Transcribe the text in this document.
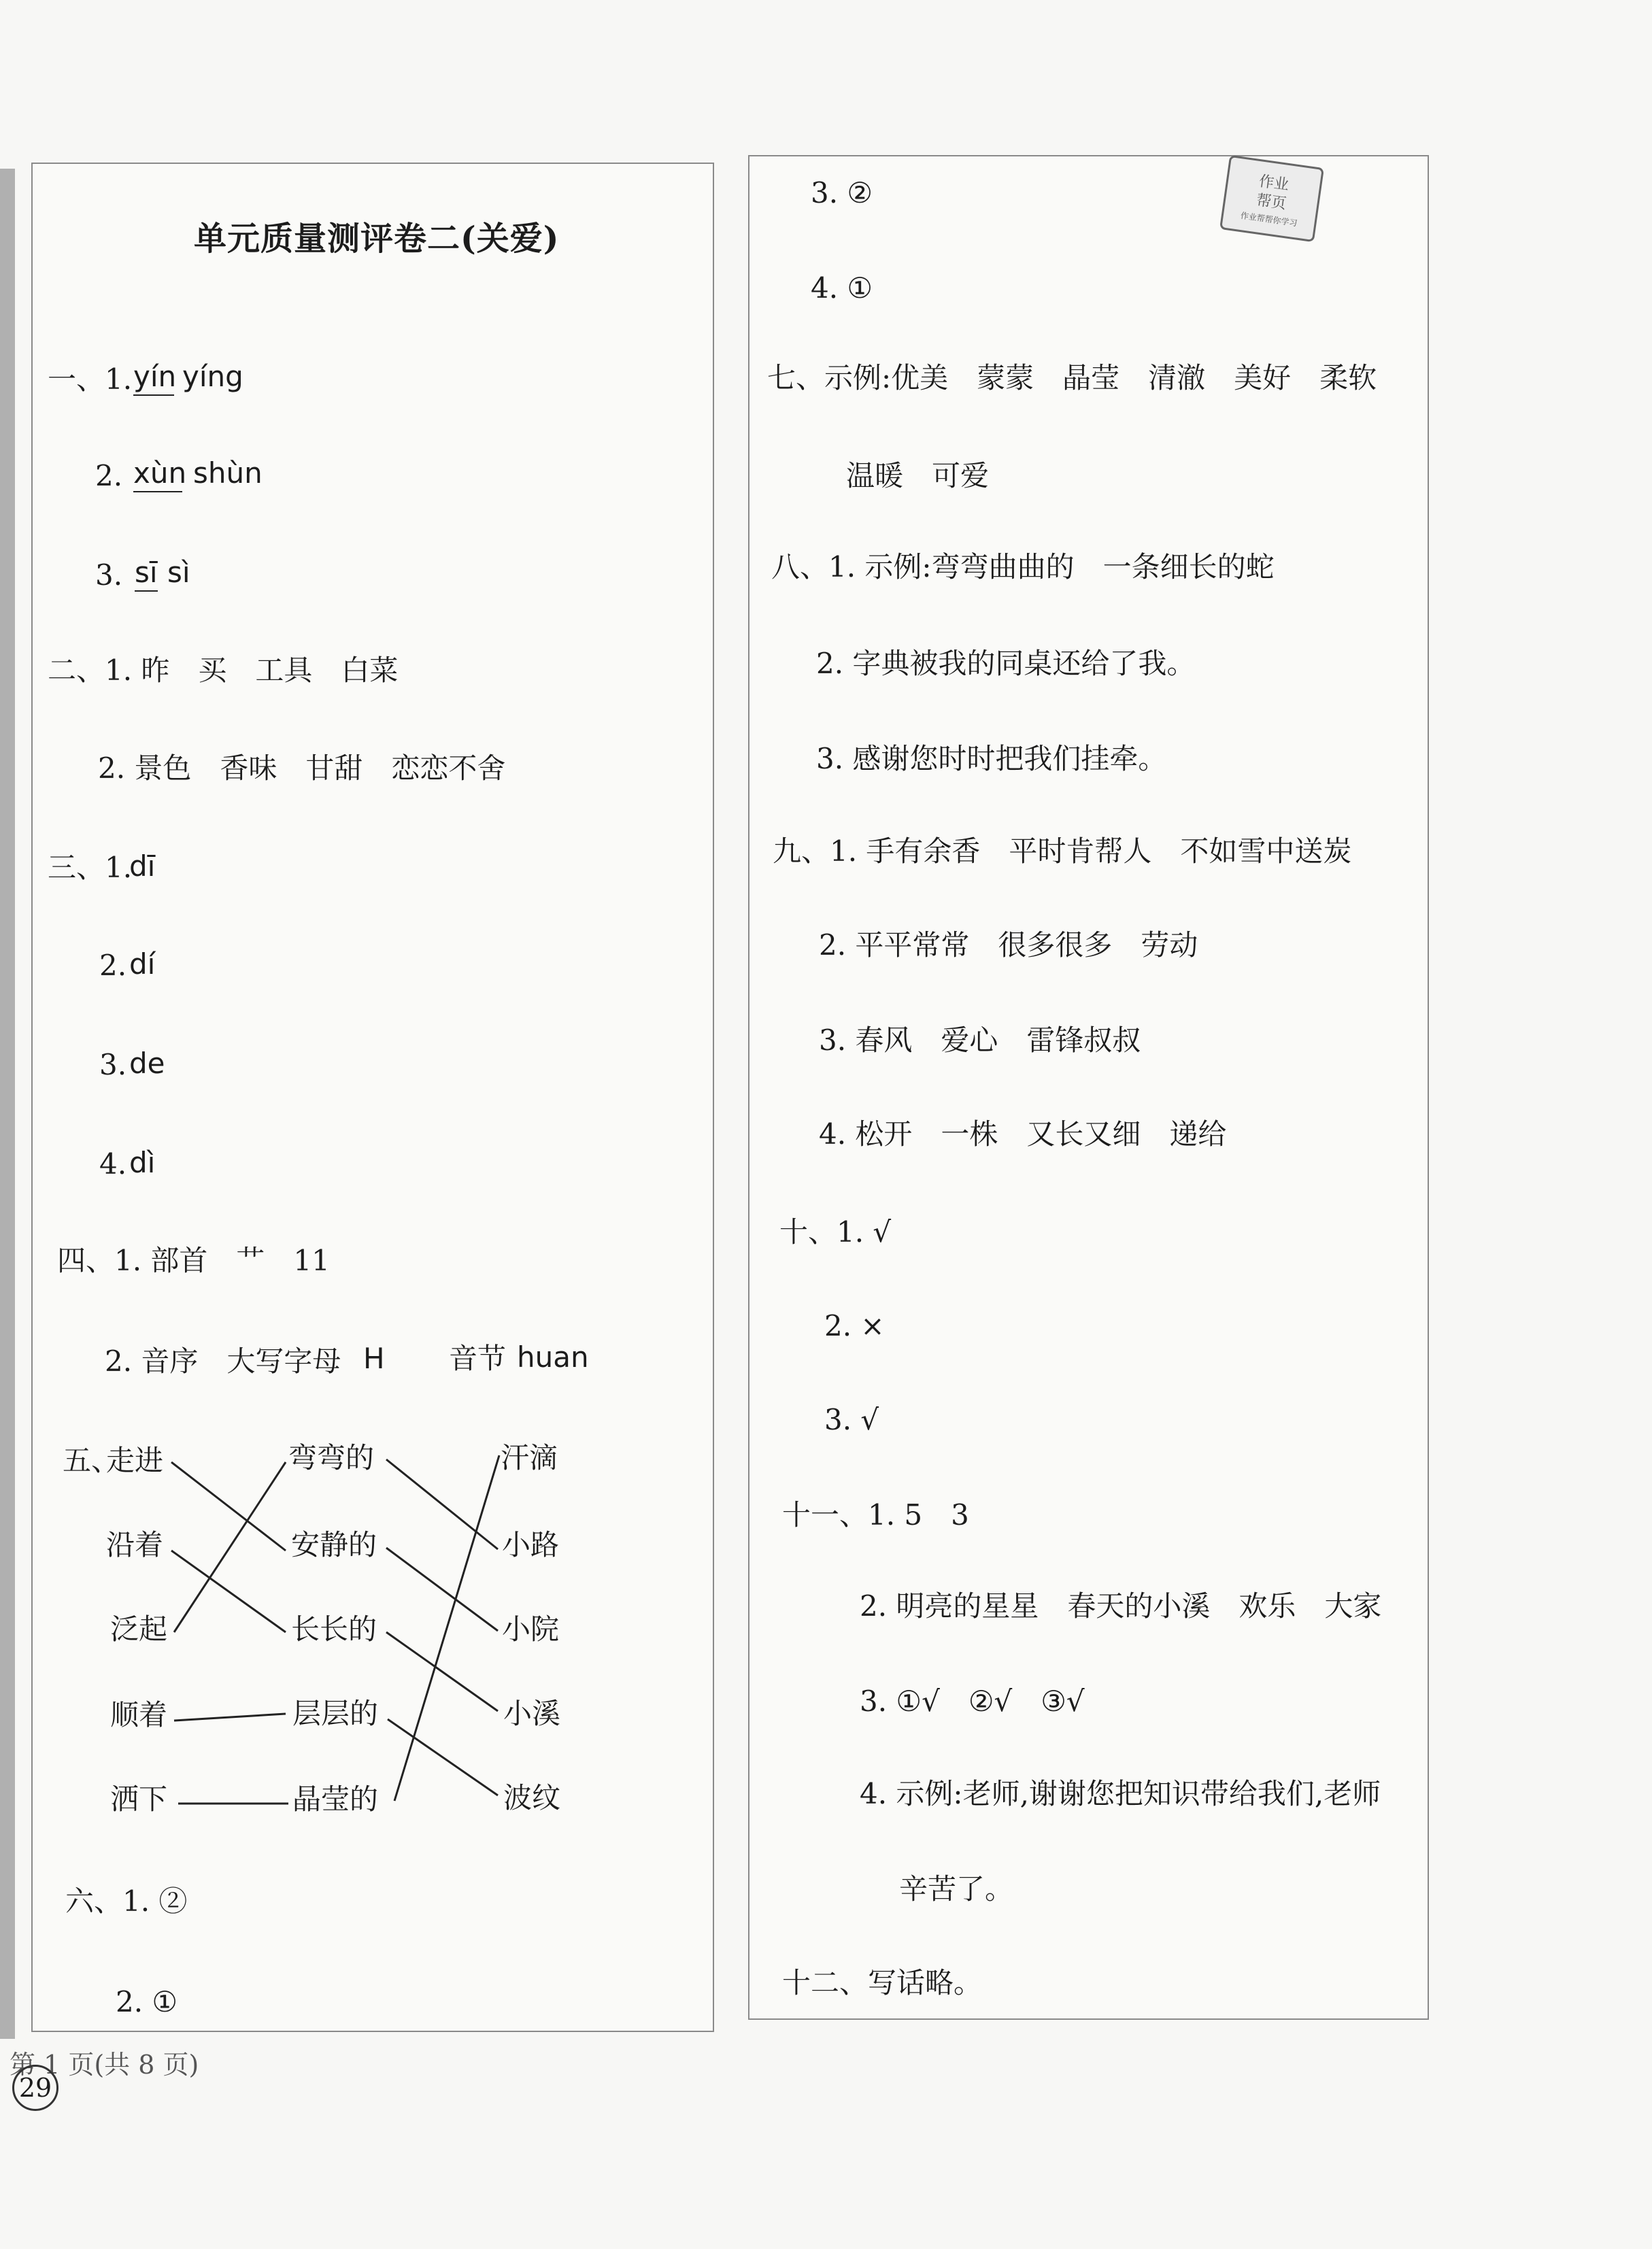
单元质量测评卷二(关爱)
一、1. yín yíng
2. xùn shùn
3. sī sì
二、1. 昨　买　工具　白菜
2. 景色　香味　甘甜　恋恋不舍
三、1.
dī
2. dí
3. de
4. dì
四、1. 部首　艹　11
2. 音序　大写字母 H 音节 huan
五、
走进
沿着
泛起
顺着
洒下
弯弯的
安静的
长长的
层层的
晶莹的
汗滴
小路
小院
小溪
波纹
六、1. ②
2. ①
作业
帮页
作业帮帮你学习
3. ②
4. ①
七、示例:优美　蒙蒙　晶莹　清澈　美好　柔软
温暖　可爱
八、1. 示例:弯弯曲曲的　一条细长的蛇
2. 字典被我的同桌还给了我。
3. 感谢您时时把我们挂牵。
九、1. 手有余香　平时肯帮人　不如雪中送炭
2. 平平常常　很多很多　劳动
3. 春风　爱心　雷锋叔叔
4. 松开　一株　又长又细　递给
十、1. √
2. ×
3. √
十一、1. 5　3
2. 明亮的星星　春天的小溪　欢乐　大家
3. ①√　②√　③√
4. 示例:老师,谢谢您把知识带给我们,老师
辛苦了。
十二、写话略。
第 1 页(共 8 页)
29
